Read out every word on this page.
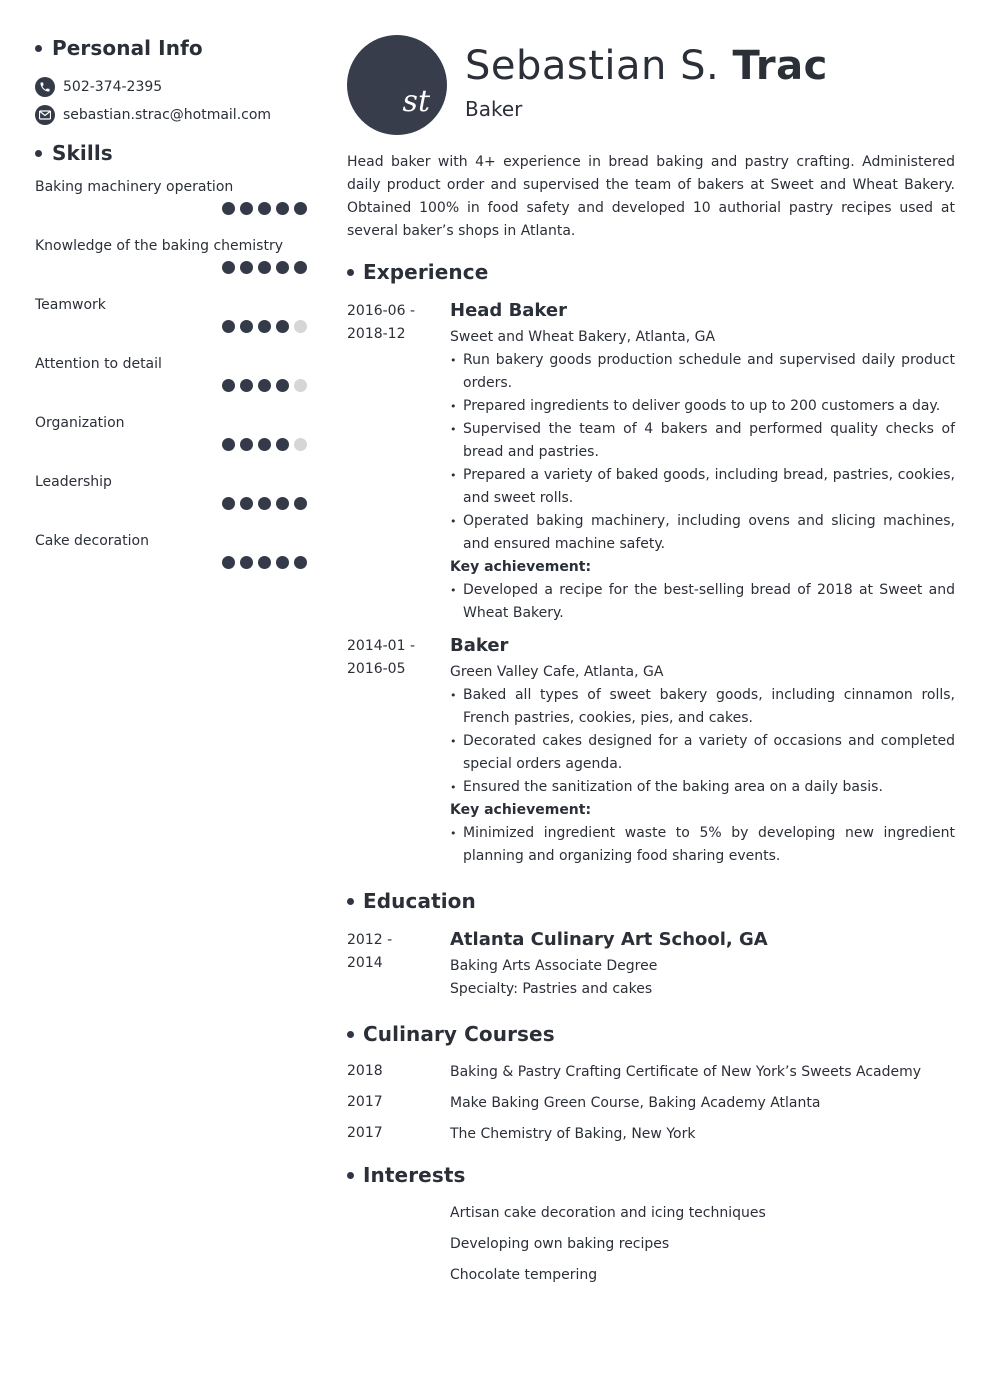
Personal Info
502-374-2395
sebastian.strac@hotmail.com
Skills
Baking machinery operation
Knowledge of the baking chemistry
Teamwork
Attention to detail
Organization
Leadership
Cake decoration
st
Sebastian S. Trac
Baker

Head baker with 4+ experience in bread baking and pastry crafting. Administered daily product order and supervised the team of bakers at Sweet and Wheat Bakery. Obtained 100% in food safety and developed 10 authorial pastry recipes used at several baker’s shops in Atlanta.

Experience
2016-06 -
2018-12
Head Baker
Sweet and Wheat Bakery, Atlanta, GA
• Run bakery goods production schedule and supervised daily product orders.
• Prepared ingredients to deliver goods to up to 200 customers a day.
• Supervised the team of 4 bakers and performed quality checks of bread and pastries.
• Prepared a variety of baked goods, including bread, pastries, cookies, and sweet rolls.
• Operated baking machinery, including ovens and slicing machines, and ensured machine safety.
Key achievement:
• Developed a recipe for the best-selling bread of 2018 at Sweet and Wheat Bakery.
2014-01 -
2016-05
Baker
Green Valley Cafe, Atlanta, GA
• Baked all types of sweet bakery goods, including cinnamon rolls, French pastries, cookies, pies, and cakes.
• Decorated cakes designed for a variety of occasions and completed special orders agenda.
• Ensured the sanitization of the baking area on a daily basis.
Key achievement:
• Minimized ingredient waste to 5% by developing new ingredient planning and organizing food sharing events.
Education
2012 -
2014
Atlanta Culinary Art School, GA
Baking Arts Associate Degree
Specialty: Pastries and cakes
Culinary Courses
2018	Baking & Pastry Crafting Certificate of New York’s Sweets Academy
2017	Make Baking Green Course, Baking Academy Atlanta
2017	The Chemistry of Baking, New York
Interests
Artisan cake decoration and icing techniques
Developing own baking recipes
Chocolate tempering
